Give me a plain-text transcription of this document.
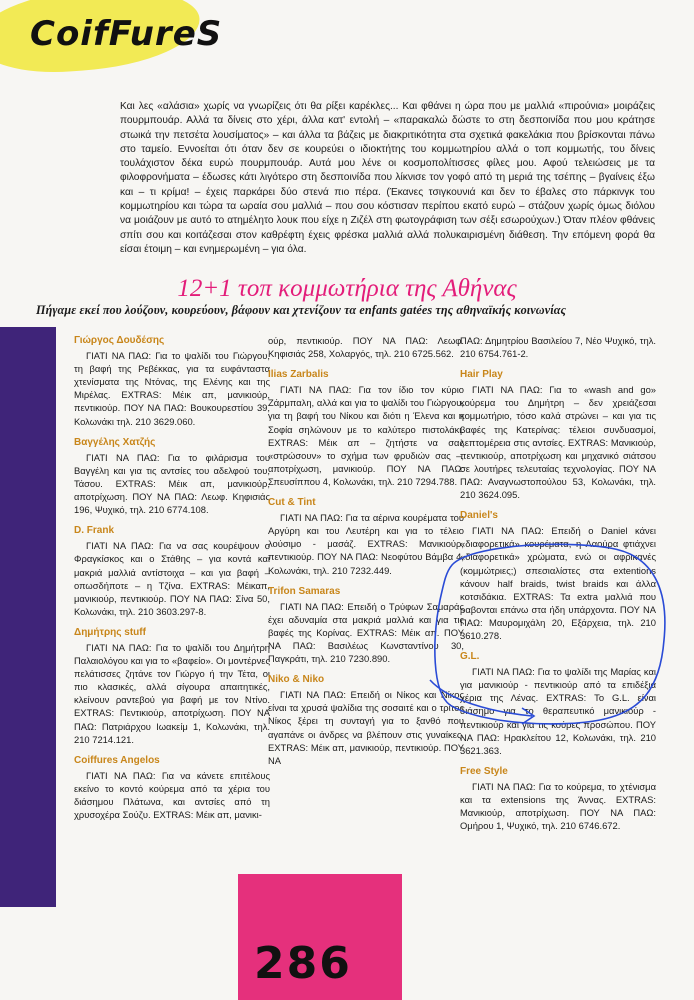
CoifFureS
Και λες «αλάσια» χωρίς να γνωρίζεις ότι θα ρίξει καρέκλες... Και φθάνει η ώρα που με μαλλιά «πιρούνια» μοιράζεις πουρμπουάρ. Αλλά τα δίνεις στο χέρι, άλλα κατ' εντολή – «παρακαλώ δώστε το στη δεσποινίδα που μου κράτησε στωικά την πετσέτα λουσίματος» – και άλλα τα βάζεις με διακριτικότητα στα σχετικά φακελάκια που βρίσκονται πάνω στο ταμείο. Εννοείται ότι όταν δεν σε κουρεύει ο ιδιοκτήτης του κομμωτηρίου αλλά ο τοπ κομμωτής, του δίνεις τουλάχιστον δέκα ευρώ πουρμπουάρ. Αυτά μου λένε οι κοσμοπολίτισσες φίλες μου. Αφού τελειώσεις με τα φιλοφρονήματα – έδωσες κάτι λιγότερο στη δεσποινίδα που λίκνισε τον γοφό από τη μεριά της τσέπης – βγαίνεις έξω και – τι κρίμα! – έχεις παρκάρει δύο στενά πιο πέρα. (Έκανες τσιγκουνιά και δεν το έβαλες στο πάρκινγκ του κομμωτηρίου και τώρα τα ωραία σου μαλλιά – που σου κόστισαν περίπου εκατό ευρώ – στάζουν χωρίς όμως διόλου να μοιάζουν με αυτό το ατημέλητο λουκ που είχε η Ζιζέλ στη φωτογράφιση των σέξι εσωρούχων.) Όταν πλέον φθάνεις σπίτι σου και κοιτάζεσαι στον καθρέφτη έχεις φρέσκα μαλλιά αλλά πολυκαιρισμένη διάθεση. Την επόμενη φορά θα είσαι έτοιμη – και ενημερωμένη – για όλα.
12+1 τοπ κομμωτήρια της Αθήνας
Πήγαμε εκεί που λούζουν, κουρεύουν, βάφουν και χτενίζουν τα enfants gatées της αθηναϊκής κοινωνίας
Γιώργος Δουδέσης
ΓΙΑΤΙ ΝΑ ΠΑΩ: Για το ψαλίδι του Γιώργου, τη βαφή της Ρεβέκκας, για τα ευφάνταστα χτενίσματα της Ντόνας, της Ελένης και της Μιρέλας. EXTRAS: Μέικ απ, μανικιούρ, πεντικιούρ. ΠΟΥ ΝΑ ΠΑΩ: Βουκουρεστίου 39, Κολωνάκι τηλ. 210 3629.060.
Βαγγέλης Χατζής
ΓΙΑΤΙ ΝΑ ΠΑΩ: Για το φιλάρισμα του Βαγγέλη και για τις αντσίες του αδελφού του, Τάσου. EXTRAS: Μέικ απ, μανικιούρ, αποτρίχωση. ΠΟΥ ΝΑ ΠΑΩ: Λεωφ. Κηφισιάς 196, Ψυχικό, τηλ. 210 6774.108.
D. Frank
ΓΙΑΤΙ ΝΑ ΠΑΩ: Για να σας κουρέψουν ο Φραγκίσκος και ο Στάθης – για κοντά και μακριά μαλλιά αντίστοιχα – και για βαφή – οπωσδήποτε – η Τζίνα. EXTRAS: Μέικαπ, μανικιούρ, πεντικιούρ. ΠΟΥ ΝΑ ΠΑΩ: Σίνα 50, Κολωνάκι, τηλ. 210 3603.297-8.
Δημήτρης stuff
ΓΙΑΤΙ ΝΑ ΠΑΩ: Για το ψαλίδι του Δημήτρη Παλαιολόγου και για το «βαφείο». Οι μοντέρνες πελάτισσες ζητάνε τον Γιώργο ή την Τέτα, οι πιο κλασικές, αλλά σίγουρα απαιτητικές, κλείνουν ραντεβού για βαφή με τον Ντίνο. EXTRAS: Πεντικιούρ, αποτρίχωση. ΠΟΥ ΝΑ ΠΑΩ: Πατριάρχου Ιωακείμ 1, Κολωνάκι, τηλ. 210 7214.121.
Coiffures Angelos
ΓΙΑΤΙ ΝΑ ΠΑΩ: Για να κάνετε επιτέλους εκείνο το κοντό κούρεμα από τα χέρια του διάσημου Πλάτωνα, και αντσίες από τη χρυσοχέρα Σούζυ. EXTRAS: Μέικ απ, μανικι-
ούρ, πεντικιούρ. ΠΟΥ ΝΑ ΠΑΩ: Λεωφ. Κηφισιάς 258, Χολαργός, τηλ. 210 6725.562.
Ilias Zarbalis
ΓΙΑΤΙ ΝΑ ΠΑΩ: Για τον ίδιο τον κύριο Ζάρμπαλη, αλλά και για το ψαλίδι του Γιώργου, για τη βαφή του Νίκου και διότι η Έλενα και η Σοφία σηλώνουν με το καλύτερο πιστολάκι. EXTRAS: Μέικ απ – ζητήστε να σας «στρώσουν» το σχήμα των φρυδιών σας –, αποτρίχωση, μανικιούρ. ΠΟΥ ΝΑ ΠΑΩ: Σπευσίππου 4, Κολωνάκι, τηλ. 210 7294.788.
Cut & Tint
ΓΙΑΤΙ ΝΑ ΠΑΩ: Για τα αέρινα κουρέματα του Αργύρη και του Λευτέρη και για το τέλειο λούσιμο - μασάζ. EXTRAS: Μανικιούρ, πεντικιούρ. ΠΟΥ ΝΑ ΠΑΩ: Νεοφύτου Βάμβα 4, Κολωνάκι, τηλ. 210 7232.449.
Trifon Samaras
ΓΙΑΤΙ ΝΑ ΠΑΩ: Επειδή ο Τρύφων Σαμαράς έχει αδυναμία στα μακριά μαλλιά και για τις βαφές της Κορίνας. EXTRAS: Μέικ απ. ΠΟΥ ΝΑ ΠΑΩ: Βασιλέως Κωνσταντίνου 30, Παγκράτι, τηλ. 210 7230.890.
Niko & Niko
ΓΙΑΤΙ ΝΑ ΠΑΩ: Επειδή οι Νίκος και Νίκος είναι τα χρυσά ψαλίδια της σοσαιτέ και ο τρίτος Νίκος ξέρει τη συνταγή για το ξανθό που αγαπάνε οι άνδρες να βλέπουν στις γυναίκες. EXTRAS: Μέικ απ, μανικιούρ, πεντικιούρ. ΠΟΥ ΝΑ
ΠΑΩ: Δημητρίου Βασιλείου 7, Νέο Ψυχικό, τηλ. 210 6754.761-2.
Hair Play
ΓΙΑΤΙ ΝΑ ΠΑΩ: Για το «wash and go» κούρεμα του Δημήτρη – δεν χρειάζεσαι κομμωτήριο, τόσο καλά στρώνει – και για τις βαφές της Κατερίνας: τέλειοι συνδυασμοί, λεπτομέρεια στις αντσίες. EXTRAS: Μανικιούρ, πεντικιούρ, αποτρίχωση και μηχανικό σιάτσου σε λουτήρες τελευταίας τεχνολογίας. ΠΟΥ ΝΑ ΠΑΩ: Αναγνωστοπούλου 53, Κολωνάκι, τηλ. 210 3624.095.
Daniel's
ΓΙΑΤΙ ΝΑ ΠΑΩ: Επειδή ο Daniel κάνει «διαφορετικά» κουρέματα, η Λαούρα φτιάχνει «διαφορετικά» χρώματα, ενώ οι αφρικανές (κομμώτριες;) σπεσιαλίστες στα extentions κάνουν half braids, twist braids και άλλα κοτσιδάκια. EXTRAS: Τα extra μαλλιά που ραβονται επάνω στα ήδη υπάρχοντα. ΠΟΥ ΝΑ ΠΑΩ: Μαυρομιχάλη 20, Εξάρχεια, τηλ. 210 3610.278.
G.L.
ΓΙΑΤΙ ΝΑ ΠΑΩ: Για το ψαλίδι της Μαρίας και για μανικιούρ - πεντικιούρ από τα επιδέξια χέρια της Λένας. EXTRAS: Το G.L. είναι διάσημο για το θεραπευτικό μανικιούρ - πεντικιούρ και για τις κούρες προσώπου. ΠΟΥ ΝΑ ΠΑΩ: Ηρακλείτου 12, Κολωνάκι, τηλ. 210 3621.363.
Free Style
ΓΙΑΤΙ ΝΑ ΠΑΩ: Για το κούρεμα, το χτένισμα και τα extensions της Άννας. EXTRAS: Μανικιούρ, αποτρίχωση. ΠΟΥ ΝΑ ΠΑΩ: Ομήρου 1, Ψυχικό, τηλ. 210 6746.672.
286
